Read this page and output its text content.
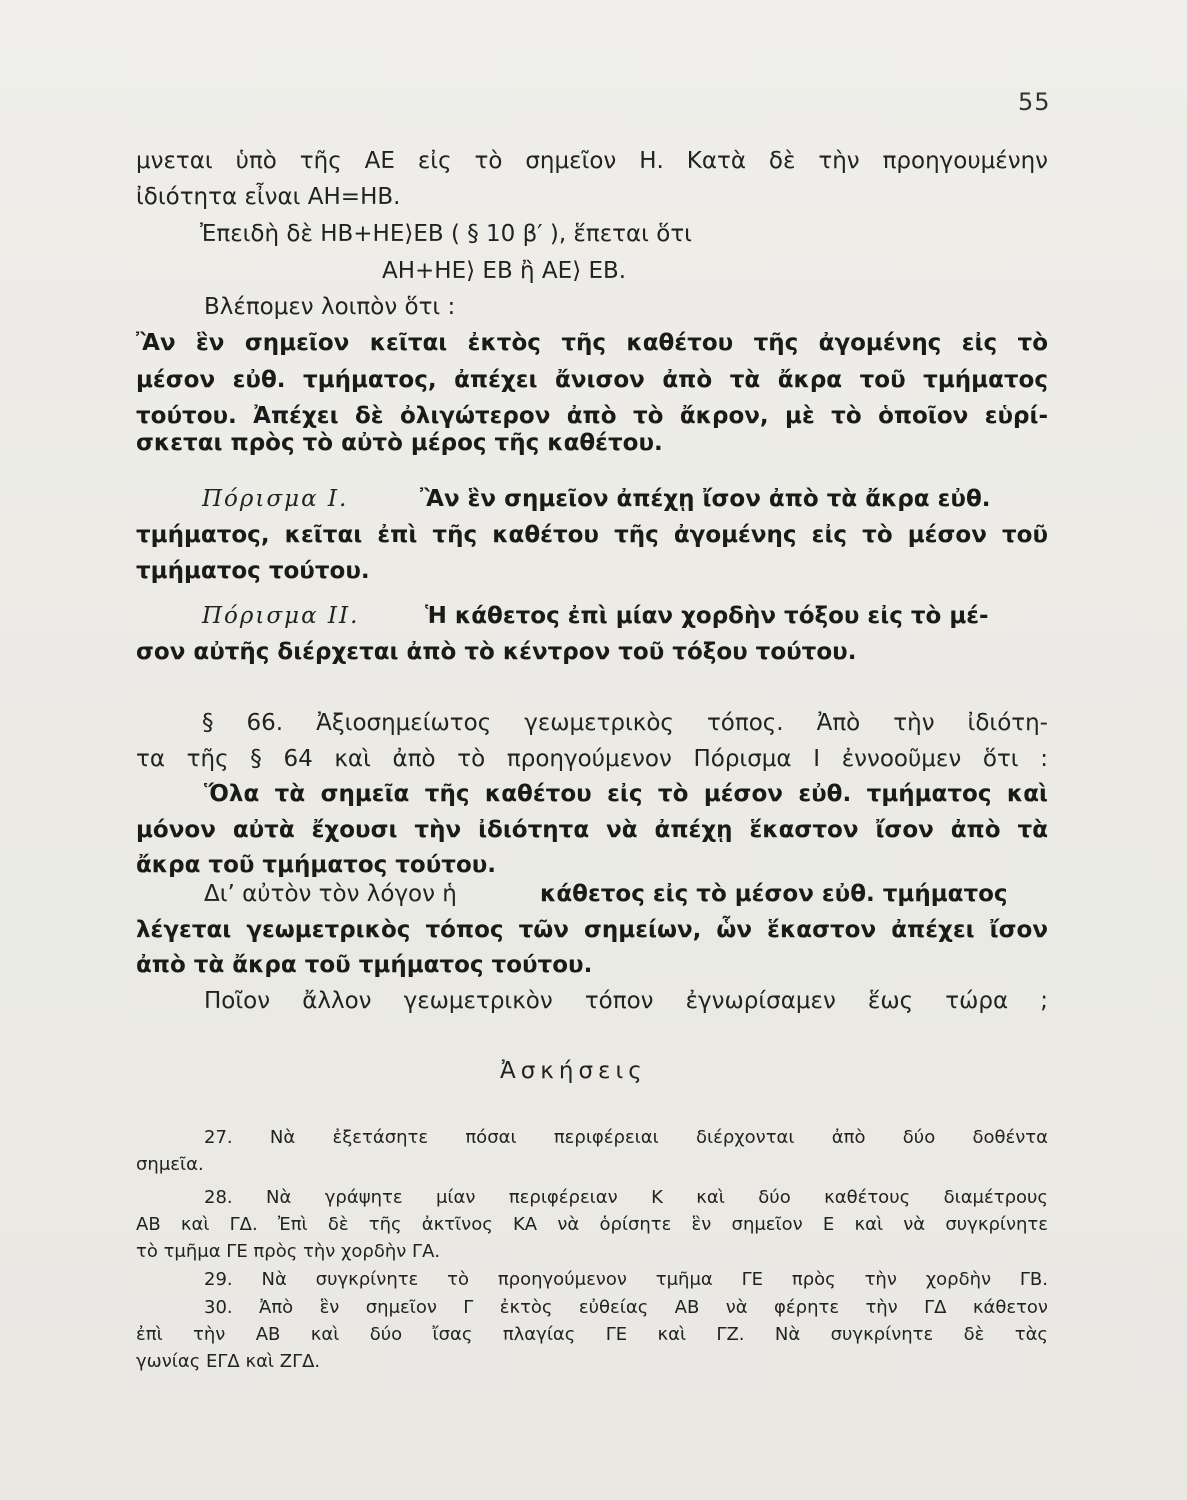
55
μνεται ὑπὸ τῆς ΑΕ εἰς τὸ σημεῖον Η. Κατὰ δὲ τὴν προηγουμένην
ἰδιότητα εἶναι ΑΗ=ΗΒ.
Ἐπειδὴ δὲ ΗΒ+ΗΕ⟩ΕΒ ( § 10 β′ ), ἕπεται ὅτι
ΑΗ+ΗΕ⟩ ΕΒ ἢ ΑΕ⟩ ΕΒ.
Βλέπομεν λοιπὸν ὅτι :
Ἂν ἓν σημεῖον κεῖται ἐκτὸς τῆς καθέτου τῆς ἀγομένης εἰς τὸ
μέσον εὐθ. τμήματος, ἀπέχει ἄνισον ἀπὸ τὰ ἄκρα τοῦ τμήματος
τούτου. Ἀπέχει δὲ ὀλιγώτερον ἀπὸ τὸ ἄκρον, μὲ τὸ ὁποῖον εὑρί-
σκεται πρὸς τὸ αὐτὸ μέρος τῆς καθέτου.
Πόρισμα I.	Ἂν ἓν σημεῖον ἀπέχῃ ἴσον ἀπὸ τὰ ἄκρα εὐθ.
τμήματος, κεῖται ἐπὶ τῆς καθέτου τῆς ἀγομένης εἰς τὸ μέσον τοῦ
τμήματος τούτου.
Πόρισμα II.	Ἡ κάθετος ἐπὶ μίαν χορδὴν τόξου εἰς τὸ μέ-
σον αὐτῆς διέρχεται ἀπὸ τὸ κέντρον τοῦ τόξου τούτου.
§ 66. Ἀξιοσημείωτος γεωμετρικὸς τόπος. Ἀπὸ τὴν ἰδιότη-
τα τῆς § 64 καὶ ἀπὸ τὸ προηγούμενον Πόρισμα I ἐννοοῦμεν ὅτι :
Ὅλα τὰ σημεῖα τῆς καθέτου εἰς τὸ μέσον εὐθ. τμήματος καὶ
μόνον αὐτὰ ἔχουσι τὴν ἰδιότητα νὰ ἀπέχῃ ἕκαστον ἴσον ἀπὸ τὰ
ἄκρα τοῦ τμήματος τούτου.
Δι’ αὐτὸν τὸν λόγον ἡ	κάθετος εἰς τὸ μέσον εὐθ. τμήματος
λέγεται γεωμετρικὸς τόπος τῶν σημείων, ὧν ἕκαστον ἀπέχει ἴσον
ἀπὸ τὰ ἄκρα τοῦ τμήματος τούτου.
Ποῖον ἄλλον γεωμετρικὸν τόπον ἐγνωρίσαμεν ἕως τώρα ;
Ἀσκήσεις
27. Νὰ ἐξετάσητε πόσαι περιφέρειαι διέρχονται ἀπὸ δύο δοθέντα
σημεῖα.
28. Νὰ γράψητε μίαν περιφέρειαν Κ καὶ δύο καθέτους διαμέτρους
ΑΒ καὶ ΓΔ. Ἐπὶ δὲ τῆς ἀκτῖνος ΚΑ νὰ ὁρίσητε ἓν σημεῖον Ε καὶ νὰ συγκρίνητε
τὸ τμῆμα ΓΕ πρὸς τὴν χορδὴν ΓΑ.
29. Νὰ συγκρίνητε τὸ προηγούμενον τμῆμα ΓΕ πρὸς τὴν χορδὴν ΓΒ.
30. Ἀπὸ ἓν σημεῖον Γ ἐκτὸς εὐθείας ΑΒ νὰ φέρητε τὴν ΓΔ κάθετον
ἐπὶ τὴν ΑΒ καὶ δύο ἴσας πλαγίας ΓΕ καὶ ΓΖ. Νὰ συγκρίνητε δὲ τὰς
γωνίας ΕΓΔ καὶ ΖΓΔ.
